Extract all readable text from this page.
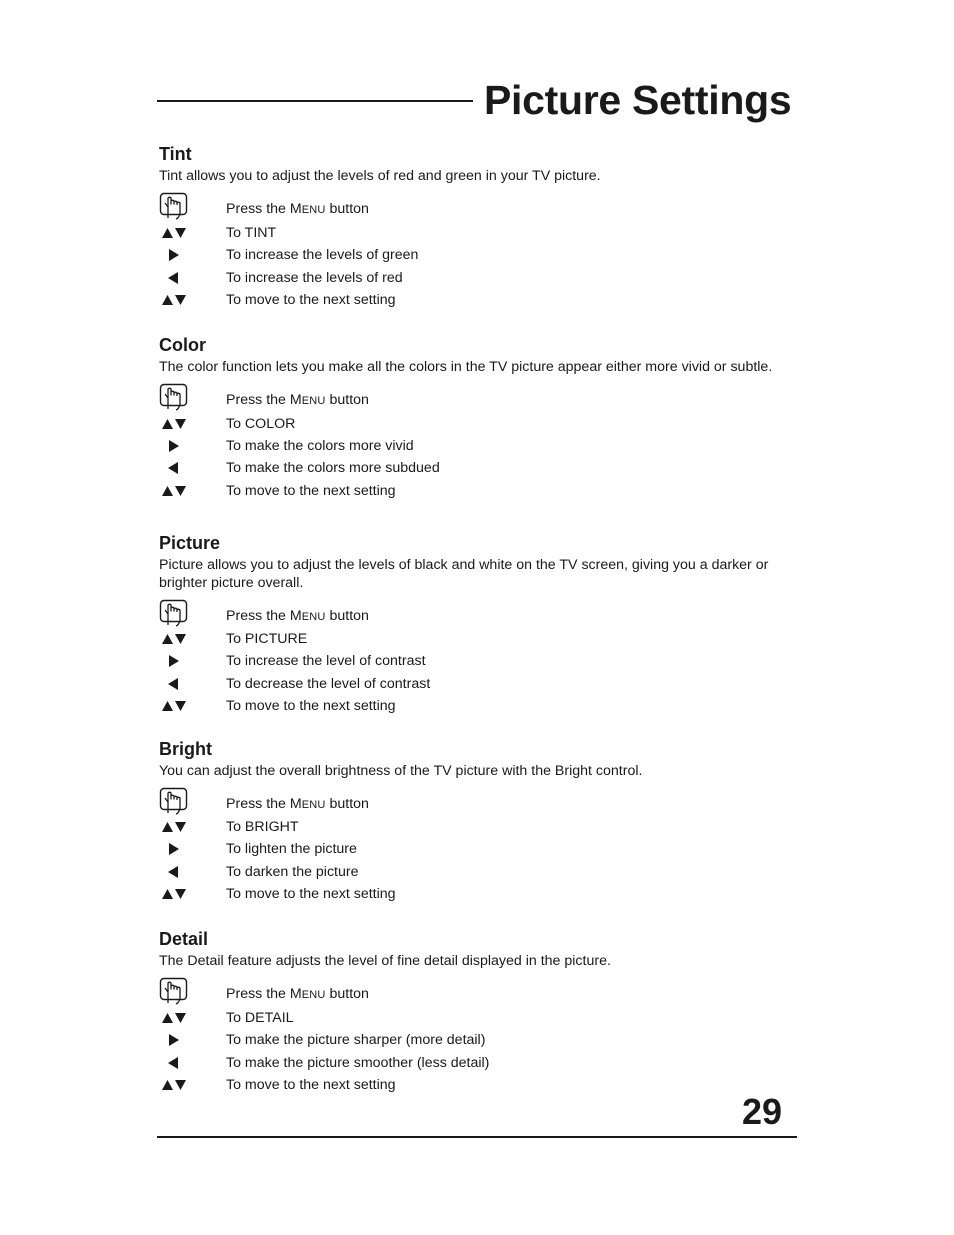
Picture Settings
Tint
Tint allows you to adjust the levels of red and green in your TV picture.
Press the MENU button
To TINT
To increase the levels of green
To increase the levels of red
To move to the next setting
Color
The color function lets you make all the colors in the TV picture appear either more vivid or subtle.
Press the MENU button
To COLOR
To make the colors more vivid
To make the colors more subdued
To move to the next setting
Picture
Picture allows you to adjust the levels of black and white on the TV screen, giving you a darker or brighter picture overall.
Press the MENU button
To PICTURE
To increase the level of contrast
To decrease the level of contrast
To move to the next setting
Bright
You can adjust the overall brightness of the TV picture with the Bright control.
Press the MENU button
To BRIGHT
To lighten the picture
To darken the picture
To move to the next setting
Detail
The Detail feature adjusts the level of fine detail displayed in the picture.
Press the MENU button
To DETAIL
To make the picture sharper (more detail)
To make the picture smoother (less detail)
To move to the next setting
29
